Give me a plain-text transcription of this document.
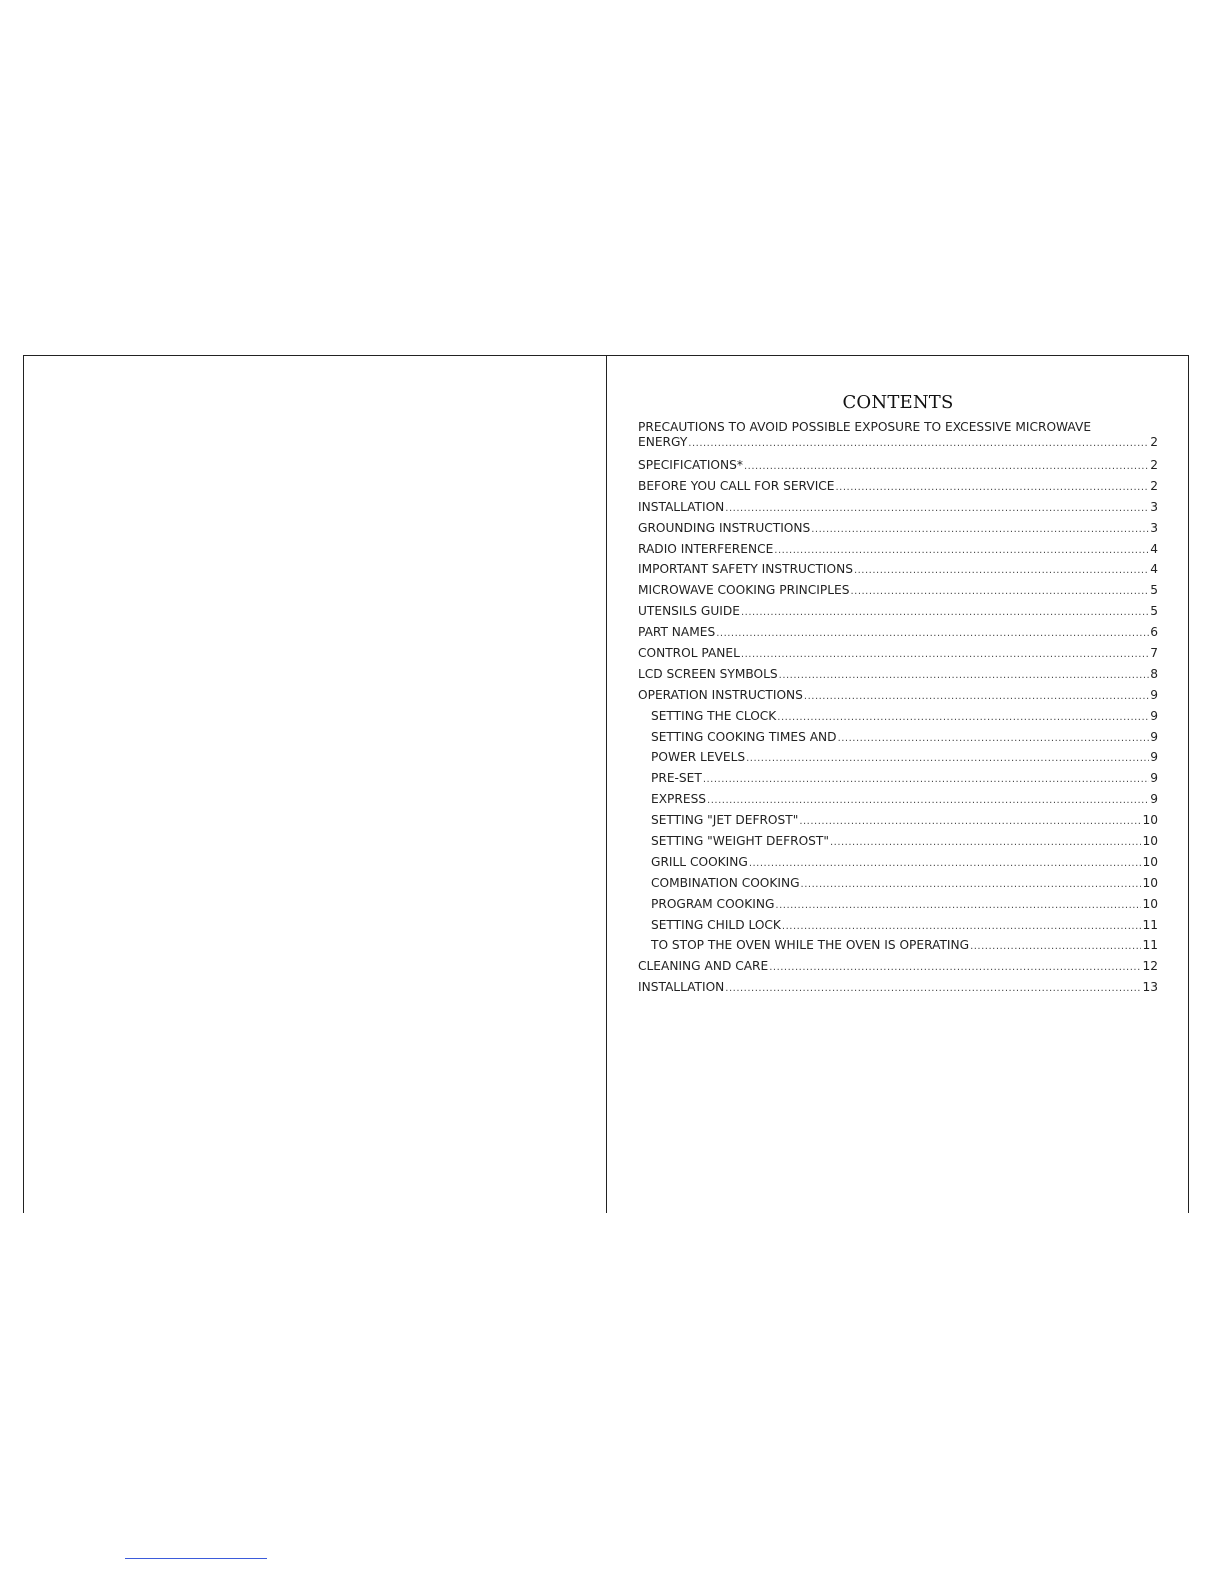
CONTENTS
PRECAUTIONS TO AVOID POSSIBLE EXPOSURE TO EXCESSIVE MICROWAVE
ENERGY .....	2
SPECIFICATIONS* .....	2
BEFORE YOU CALL FOR SERVICE .....	2
INSTALLATION .....	3
GROUNDING INSTRUCTIONS .....	3
RADIO INTERFERENCE .....	4
IMPORTANT SAFETY INSTRUCTIONS .....	4
MICROWAVE COOKING PRINCIPLES .....	5
UTENSILS GUIDE .....	5
PART NAMES .....	6
CONTROL PANEL .....	7
LCD SCREEN SYMBOLS .....	8
OPERATION INSTRUCTIONS .....	9
SETTING THE CLOCK .....	9
SETTING COOKING TIMES AND .....	9
POWER LEVELS .....	9
PRE-SET .....	9
EXPRESS .....	9
SETTING "JET DEFROST" .....	10
SETTING "WEIGHT DEFROST" .....	10
GRILL COOKING .....	10
COMBINATION COOKING .....	10
PROGRAM COOKING .....	10
SETTING CHILD LOCK .....	11
TO STOP THE OVEN WHILE THE OVEN IS OPERATING .....	11
CLEANING AND CARE .....	12
INSTALLATION .....	13
